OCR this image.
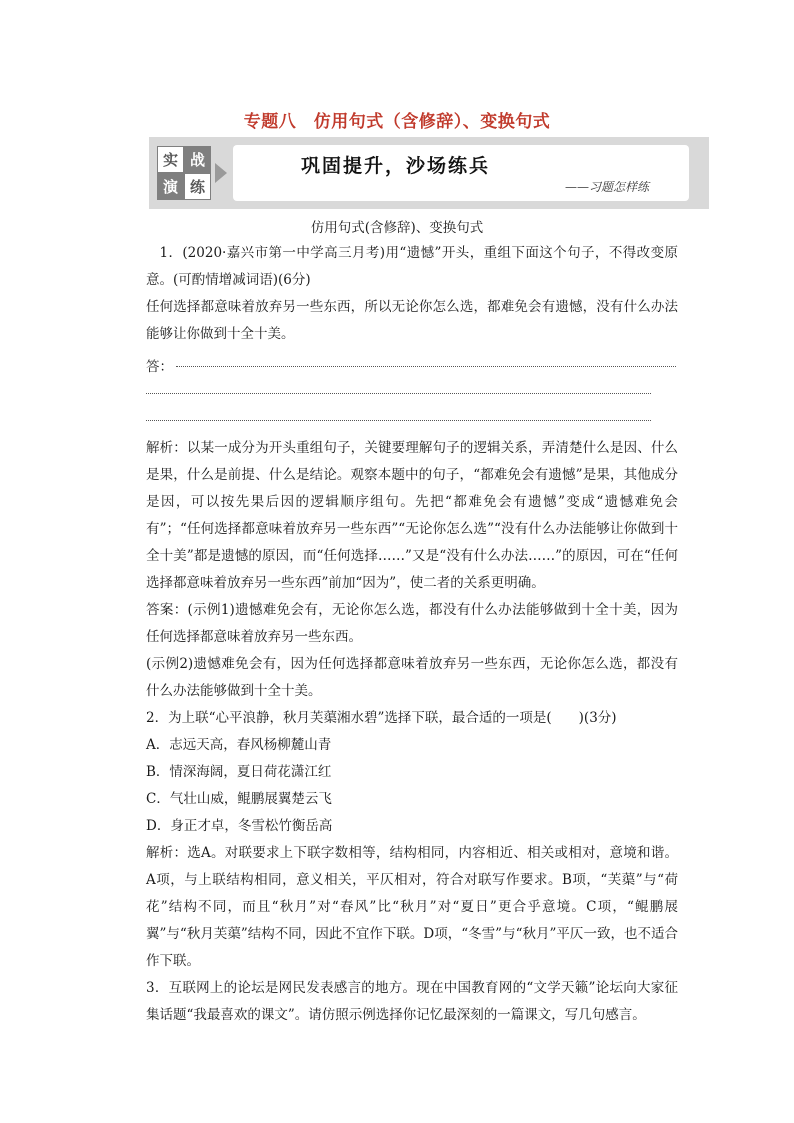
专题八　仿用句式（含修辞）、变换句式
实 战
演 练
巩固提升，沙场练兵
——习题怎样练
仿用句式(含修辞)、变换句式

1．(2020·嘉兴市第一中学高三月考)用“遗憾”开头，重组下面这个句子，不得改变原意。(可酌情增减词语)(6分)

任何选择都意味着放弃另一些东西，所以无论你怎么选，都难免会有遗憾，没有什么办法能够让你做到十全十美。

答：

解析：以某一成分为开头重组句子，关键要理解句子的逻辑关系，弄清楚什么是因、什么是果，什么是前提、什么是结论。观察本题中的句子，“都难免会有遗憾”是果，其他成分是因，可以按先果后因的逻辑顺序组句。先把“都难免会有遗憾”变成“遗憾难免会有”；“任何选择都意味着放弃另一些东西”“无论你怎么选”“没有什么办法能够让你做到十全十美”都是遗憾的原因，而“任何选择……”又是“没有什么办法……”的原因，可在“任何选择都意味着放弃另一些东西”前加“因为”，使二者的关系更明确。

答案：(示例1)遗憾难免会有，无论你怎么选，都没有什么办法能够做到十全十美，因为任何选择都意味着放弃另一些东西。

(示例2)遗憾难免会有，因为任何选择都意味着放弃另一些东西，无论你怎么选，都没有什么办法能够做到十全十美。

2．为上联“心平浪静，秋月芙蕖湘水碧”选择下联，最合适的一项是(　　)(3分)

A．志远天高，春风杨柳麓山青

B．情深海阔，夏日荷花潇江红

C．气壮山威，鲲鹏展翼楚云飞

D．身正才卓，冬雪松竹衡岳高

解析：选A。对联要求上下联字数相等，结构相同，内容相近、相关或相对，意境和谐。A项，与上联结构相同，意义相关，平仄相对，符合对联写作要求。B项，“芙蕖”与“荷花”结构不同，而且“秋月”对“春风”比“秋月”对“夏日”更合乎意境。C项，“鲲鹏展翼”与“秋月芙蕖”结构不同，因此不宜作下联。D项，“冬雪”与“秋月”平仄一致，也不适合作下联。

3．互联网上的论坛是网民发表感言的地方。现在中国教育网的“文学天籁”论坛向大家征集话题“我最喜欢的课文”。请仿照示例选择你记忆最深刻的一篇课文，写几句感言。
